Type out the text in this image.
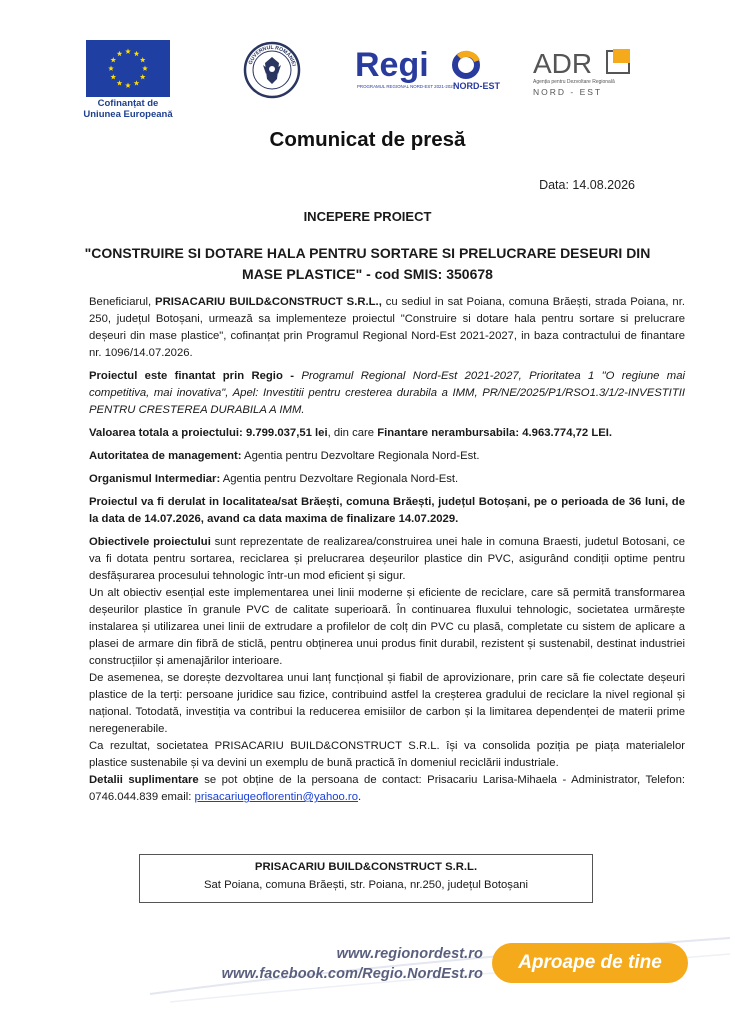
Cofinanțat de
Uniunea Europeană
GUVERNUL ROMÂNIEI Regi
PROGRAMUL REGIONAL NORD-EST 2021-2027
NORD-EST
ADR
Agenția pentru Dezvoltare Regională
NORD - EST
Comunicat de presă
Data: 14.08.2026
INCEPERE PROIECT
"CONSTRUIRE SI DOTARE HALA PENTRU SORTARE SI PRELUCRARE DESEURI DIN
MASE PLASTICE" - cod SMIS: 350678

Beneficiarul, PRISACARIU BUILD&CONSTRUCT S.R.L., cu sediul in sat Poiana, comuna Brăești, strada Poiana, nr. 250, județul Botoșani, urmează sa implementeze proiectul "Construire si dotare hala pentru sortare si prelucrare deșeuri din mase plastice", cofinanțat prin Programul Regional Nord-Est 2021-2027, in baza contractului de finantare nr. 1096/14.07.2026.

Proiectul este finantat prin Regio - Programul Regional Nord-Est 2021-2027, Prioritatea 1 "O regiune mai competitiva, mai inovativa", Apel: Investitii pentru cresterea durabila a IMM, PR/NE/2025/P1/RSO1.3/1/2-INVESTITII PENTRU CRESTEREA DURABILA A IMM.

Valoarea totala a proiectului: 9.799.037,51 lei, din care Finantare nerambursabila: 4.963.774,72 LEI.

Autoritatea de management: Agentia pentru Dezvoltare Regionala Nord-Est.

Organismul Intermediar: Agentia pentru Dezvoltare Regionala Nord-Est.

Proiectul va fi derulat in localitatea/sat Brăești, comuna Brăești, județul Botoșani, pe o perioada de 36 luni, de la data de 14.07.2026, avand ca data maxima de finalizare 14.07.2029.

Obiectivele proiectului sunt reprezentate de realizarea/construirea unei hale in comuna Braesti, judetul Botosani, ce va fi dotata pentru sortarea, reciclarea și prelucrarea deșeurilor plastice din PVC, asigurând condiții optime pentru desfășurarea procesului tehnologic într-un mod eficient și sigur.

Un alt obiectiv esențial este implementarea unei linii moderne și eficiente de reciclare, care să permită transformarea deșeurilor plastice în granule PVC de calitate superioară. În continuarea fluxului tehnologic, societatea urmărește instalarea și utilizarea unei linii de extrudare a profilelor de colț din PVC cu plasă, completate cu sistem de aplicare a plasei de armare din fibră de sticlă, pentru obținerea unui produs finit durabil, rezistent și sustenabil, destinat industriei construcțiilor și amenajărilor interioare.

De asemenea, se dorește dezvoltarea unui lanț funcțional și fiabil de aprovizionare, prin care să fie colectate deșeuri plastice de la terți: persoane juridice sau fizice, contribuind astfel la creșterea gradului de reciclare la nivel regional și național. Totodată, investiția va contribui la reducerea emisiilor de carbon și la limitarea dependenței de materii prime neregenerabile.

Ca rezultat, societatea PRISACARIU BUILD&CONSTRUCT S.R.L. își va consolida poziția pe piața materialelor plastice sustenabile și va devini un exemplu de bună practică în domeniul reciclării industriale.

Detalii suplimentare se pot obține de la persoana de contact: Prisacariu Larisa-Mihaela - Administrator, Telefon: 0746.044.839 email: prisacariugeoflorentin@yahoo.ro.

PRISACARIU BUILD&CONSTRUCT S.R.L.
Sat Poiana, comuna Brăești, str. Poiana, nr.250, județul Botoșani
www.regionordest.ro
www.facebook.com/Regio.NordEst.ro
Aproape de tine
